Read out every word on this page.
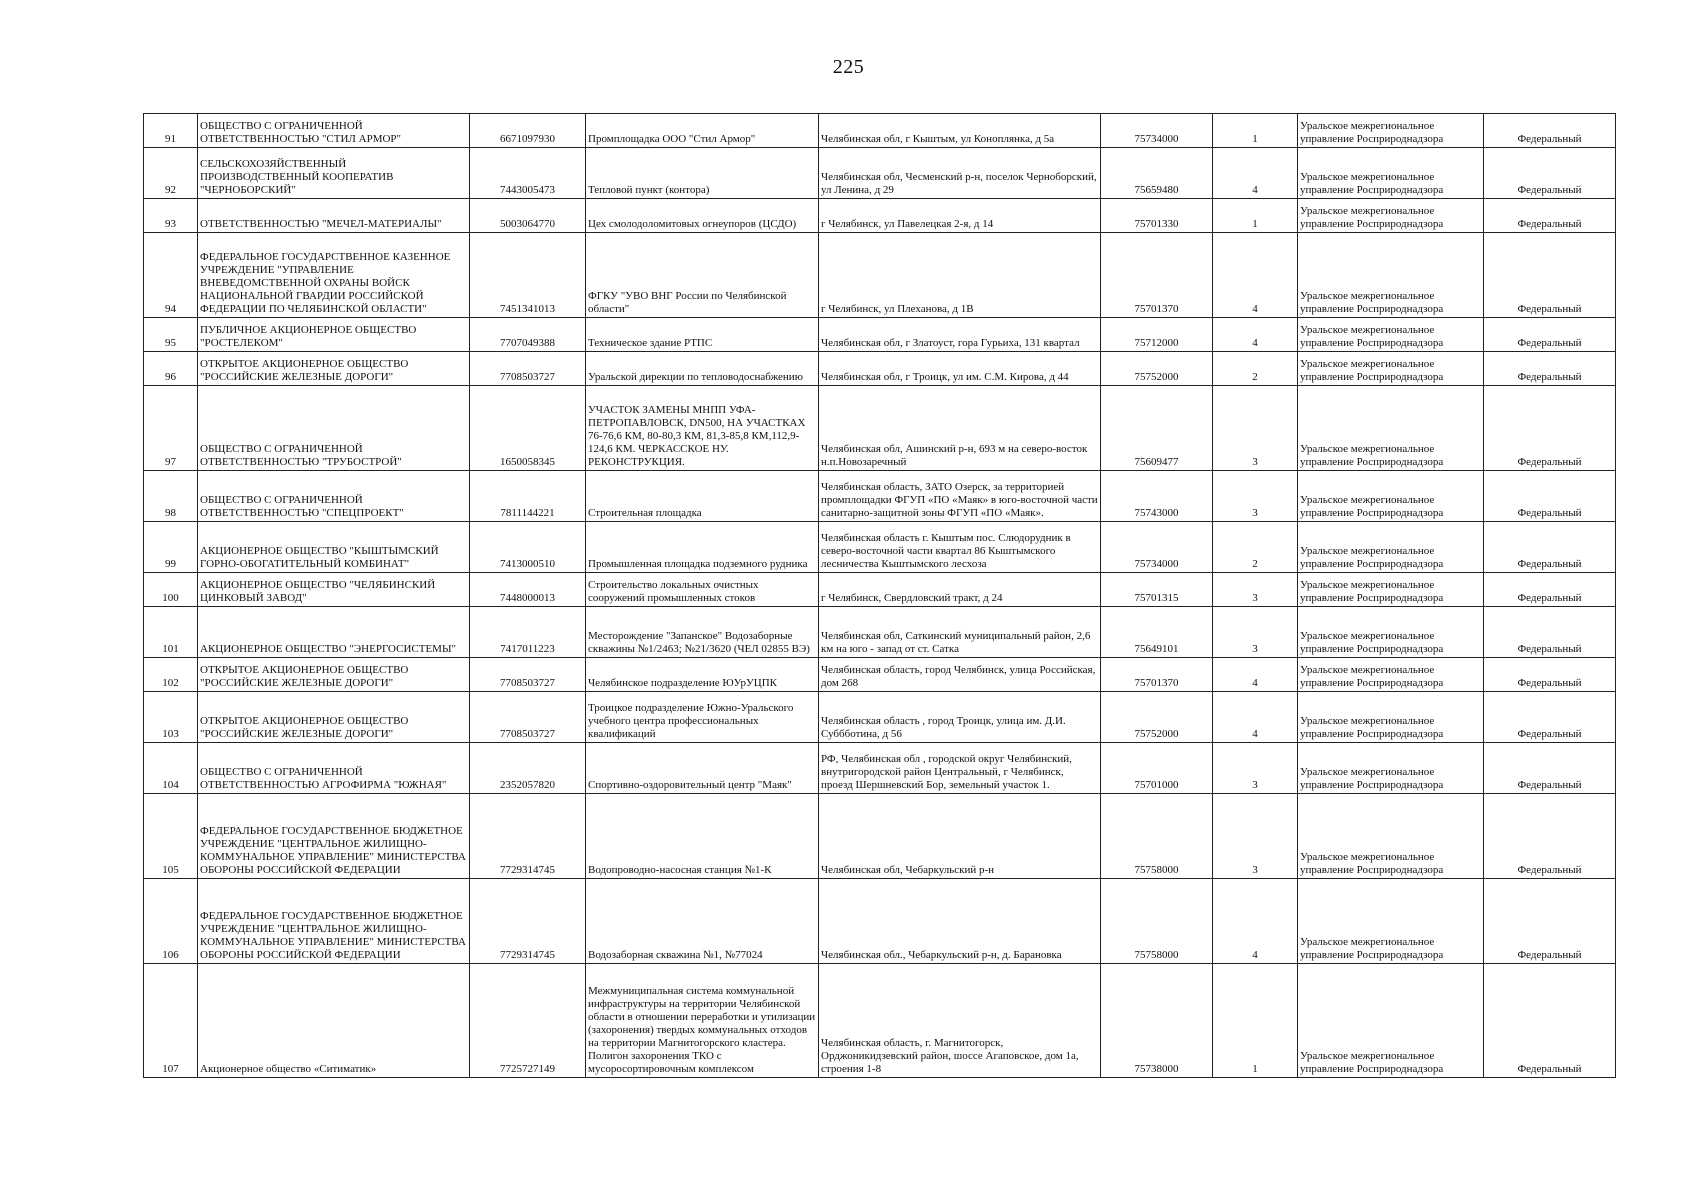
225
91	ОБЩЕСТВО С ОГРАНИЧЕННОЙ ОТВЕТСТВЕННОСТЬЮ "СТИЛ АРМОР"	6671097930	Промплощадка ООО "Стил Армор"	Челябинская обл, г Кыштым, ул Коноплянка, д 5а	75734000	1	Уральское межрегиональное управление Росприроднадзора	Федеральный
92	СЕЛЬСКОХОЗЯЙСТВЕННЫЙ ПРОИЗВОДСТВЕННЫЙ КООПЕРАТИВ "ЧЕРНОБОРСКИЙ"	7443005473	Тепловой пункт (контора)	Челябинская обл, Чесменский р-н, поселок Черноборский, ул Ленина, д 29	75659480	4	Уральское межрегиональное управление Росприроднадзора	Федеральный
93	ОТВЕТСТВЕННОСТЬЮ "МЕЧЕЛ-МАТЕРИАЛЫ"	5003064770	Цех смолодоломитовых огнеупоров (ЦСДО)	г Челябинск, ул Павелецкая 2-я, д 14	75701330	1	Уральское межрегиональное управление Росприроднадзора	Федеральный
94	ФЕДЕРАЛЬНОЕ ГОСУДАРСТВЕННОЕ КАЗЕННОЕ УЧРЕЖДЕНИЕ "УПРАВЛЕНИЕ ВНЕВЕДОМСТВЕННОЙ ОХРАНЫ ВОЙСК НАЦИОНАЛЬНОЙ ГВАРДИИ РОССИЙСКОЙ ФЕДЕРАЦИИ ПО ЧЕЛЯБИНСКОЙ ОБЛАСТИ"	7451341013	ФГКУ "УВО ВНГ России по Челябинской области"	г Челябинск, ул Плеханова, д 1В	75701370	4	Уральское межрегиональное управление Росприроднадзора	Федеральный
95	ПУБЛИЧНОЕ АКЦИОНЕРНОЕ ОБЩЕСТВО "РОСТЕЛЕКОМ"	7707049388	Техническое здание РТПС	Челябинская обл, г Златоуст, гора Гурьиха, 131 квартал	75712000	4	Уральское межрегиональное управление Росприроднадзора	Федеральный
96	ОТКРЫТОЕ АКЦИОНЕРНОЕ ОБЩЕСТВО "РОССИЙСКИЕ ЖЕЛЕЗНЫЕ ДОРОГИ"	7708503727	Уральской дирекции по тепловодоснабжению	Челябинская обл, г Троицк, ул им. С.М. Кирова, д 44	75752000	2	Уральское межрегиональное управление Росприроднадзора	Федеральный
97	ОБЩЕСТВО С ОГРАНИЧЕННОЙ ОТВЕТСТВЕННОСТЬЮ "ТРУБОСТРОЙ"	1650058345	УЧАСТОК ЗАМЕНЫ МНПП УФА-ПЕТРОПАВЛОВСК, DN500, НА УЧАСТКАХ 76-76,6 КМ, 80-80,3 КМ, 81,3-85,8 КМ,112,9-124,6 КМ. ЧЕРКАССКОЕ НУ. РЕКОНСТРУКЦИЯ.	Челябинская обл, Ашинский р-н, 693 м на северо-восток н.п.Новозаречный	75609477	3	Уральское межрегиональное управление Росприроднадзора	Федеральный
98	ОБЩЕСТВО С ОГРАНИЧЕННОЙ ОТВЕТСТВЕННОСТЬЮ "СПЕЦПРОЕКТ"	7811144221	Строительная площадка	Челябинская область, ЗАТО Озерск, за территорией промплощадки ФГУП «ПО «Маяк» в юго-восточной части санитарно-защитной зоны ФГУП «ПО «Маяк».	75743000	3	Уральское межрегиональное управление Росприроднадзора	Федеральный
99	АКЦИОНЕРНОЕ ОБЩЕСТВО "КЫШТЫМСКИЙ ГОРНО-ОБОГАТИТЕЛЬНЫЙ КОМБИНАТ"	7413000510	Промышленная площадка подземного рудника	Челябинская область г. Кыштым пос. Слюдорудник в северо-восточной части квартал 86 Кыштымского лесничества Кыштымского лесхоза	75734000	2	Уральское межрегиональное управление Росприроднадзора	Федеральный
100	АКЦИОНЕРНОЕ ОБЩЕСТВО "ЧЕЛЯБИНСКИЙ ЦИНКОВЫЙ ЗАВОД"	7448000013	Строительство локальных очистных сооружений промышленных стоков	г Челябинск, Свердловский тракт, д 24	75701315	3	Уральское межрегиональное управление Росприроднадзора	Федеральный
101	АКЦИОНЕРНОЕ ОБЩЕСТВО "ЭНЕРГОСИСТЕМЫ"	7417011223	Месторождение "Запанское" Водозаборные скважины №1/2463; №21/3620 (ЧЕЛ 02855 ВЭ)	Челябинская обл, Саткинский муниципальный район, 2,6 км на юго - запад от ст. Сатка	75649101	3	Уральское межрегиональное управление Росприроднадзора	Федеральный
102	ОТКРЫТОЕ АКЦИОНЕРНОЕ ОБЩЕСТВО "РОССИЙСКИЕ ЖЕЛЕЗНЫЕ ДОРОГИ"	7708503727	Челябинское подразделение ЮУрУЦПК	Челябинская область, город Челябинск, улица Российская, дом 268	75701370	4	Уральское межрегиональное управление Росприроднадзора	Федеральный
103	ОТКРЫТОЕ АКЦИОНЕРНОЕ ОБЩЕСТВО "РОССИЙСКИЕ ЖЕЛЕЗНЫЕ ДОРОГИ"	7708503727	Троицкое подразделение Южно-Уральского учебного центра профессиональных квалификаций	Челябинская область , город Троицк, улица им. Д.И. Суббботина, д 56	75752000	4	Уральское межрегиональное управление Росприроднадзора	Федеральный
104	ОБЩЕСТВО С ОГРАНИЧЕННОЙ ОТВЕТСТВЕННОСТЬЮ АГРОФИРМА "ЮЖНАЯ"	2352057820	Спортивно-оздоровительный центр "Маяк"	РФ, Челябинская обл , городской округ Челябинский, внутригородской район Центральный, г Челябинск, проезд Шершневский Бор, земельный участок 1.	75701000	3	Уральское межрегиональное управление Росприроднадзора	Федеральный
105	ФЕДЕРАЛЬНОЕ ГОСУДАРСТВЕННОЕ БЮДЖЕТНОЕ УЧРЕЖДЕНИЕ "ЦЕНТРАЛЬНОЕ ЖИЛИЩНО-КОММУНАЛЬНОЕ УПРАВЛЕНИЕ" МИНИСТЕРСТВА ОБОРОНЫ РОССИЙСКОЙ ФЕДЕРАЦИИ	7729314745	Водопроводно-насосная станция №1-К	Челябинская обл, Чебаркульский р-н	75758000	3	Уральское межрегиональное управление Росприроднадзора	Федеральный
106	ФЕДЕРАЛЬНОЕ ГОСУДАРСТВЕННОЕ БЮДЖЕТНОЕ УЧРЕЖДЕНИЕ "ЦЕНТРАЛЬНОЕ ЖИЛИЩНО-КОММУНАЛЬНОЕ УПРАВЛЕНИЕ" МИНИСТЕРСТВА ОБОРОНЫ РОССИЙСКОЙ ФЕДЕРАЦИИ	7729314745	Водозаборная скважина №1, №77024	Челябинская обл., Чебаркульский р-н, д. Барановка	75758000	4	Уральское межрегиональное управление Росприроднадзора	Федеральный
107	Акционерное общество «Ситиматик»	7725727149	Межмуниципальная система коммунальной инфраструктуры на территории Челябинской области в отношении переработки и утилизации (захоронения) твердых коммунальных отходов на территории Магнитогорского кластера. Полигон захоронения ТКО с мусоросортировочным комплексом	Челябинская область, г. Магнитогорск, Орджоникидзевский район, шоссе Агаповское, дом 1а, строения 1-8	75738000	1	Уральское межрегиональное управление Росприроднадзора	Федеральный
